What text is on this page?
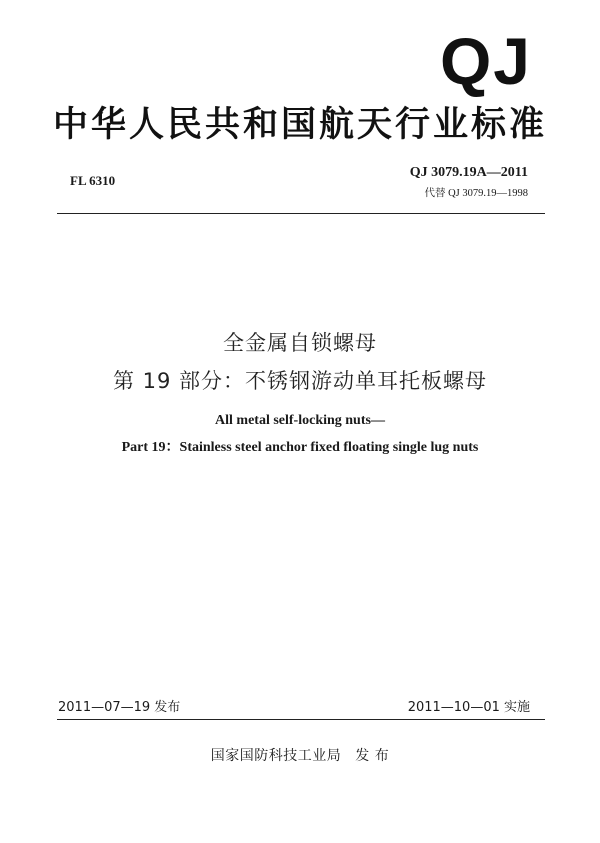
QJ
中华人民共和国航天行业标准
FL 6310
QJ 3079.19A—2011
代替 QJ 3079.19—1998
全金属自锁螺母
第 19 部分：不锈钢游动单耳托板螺母
All metal self-locking nuts—
Part 19：Stainless steel anchor fixed floating single lug nuts
2011—07—19 发布	2011—10—01 实施
国家国防科技工业局 发 布
